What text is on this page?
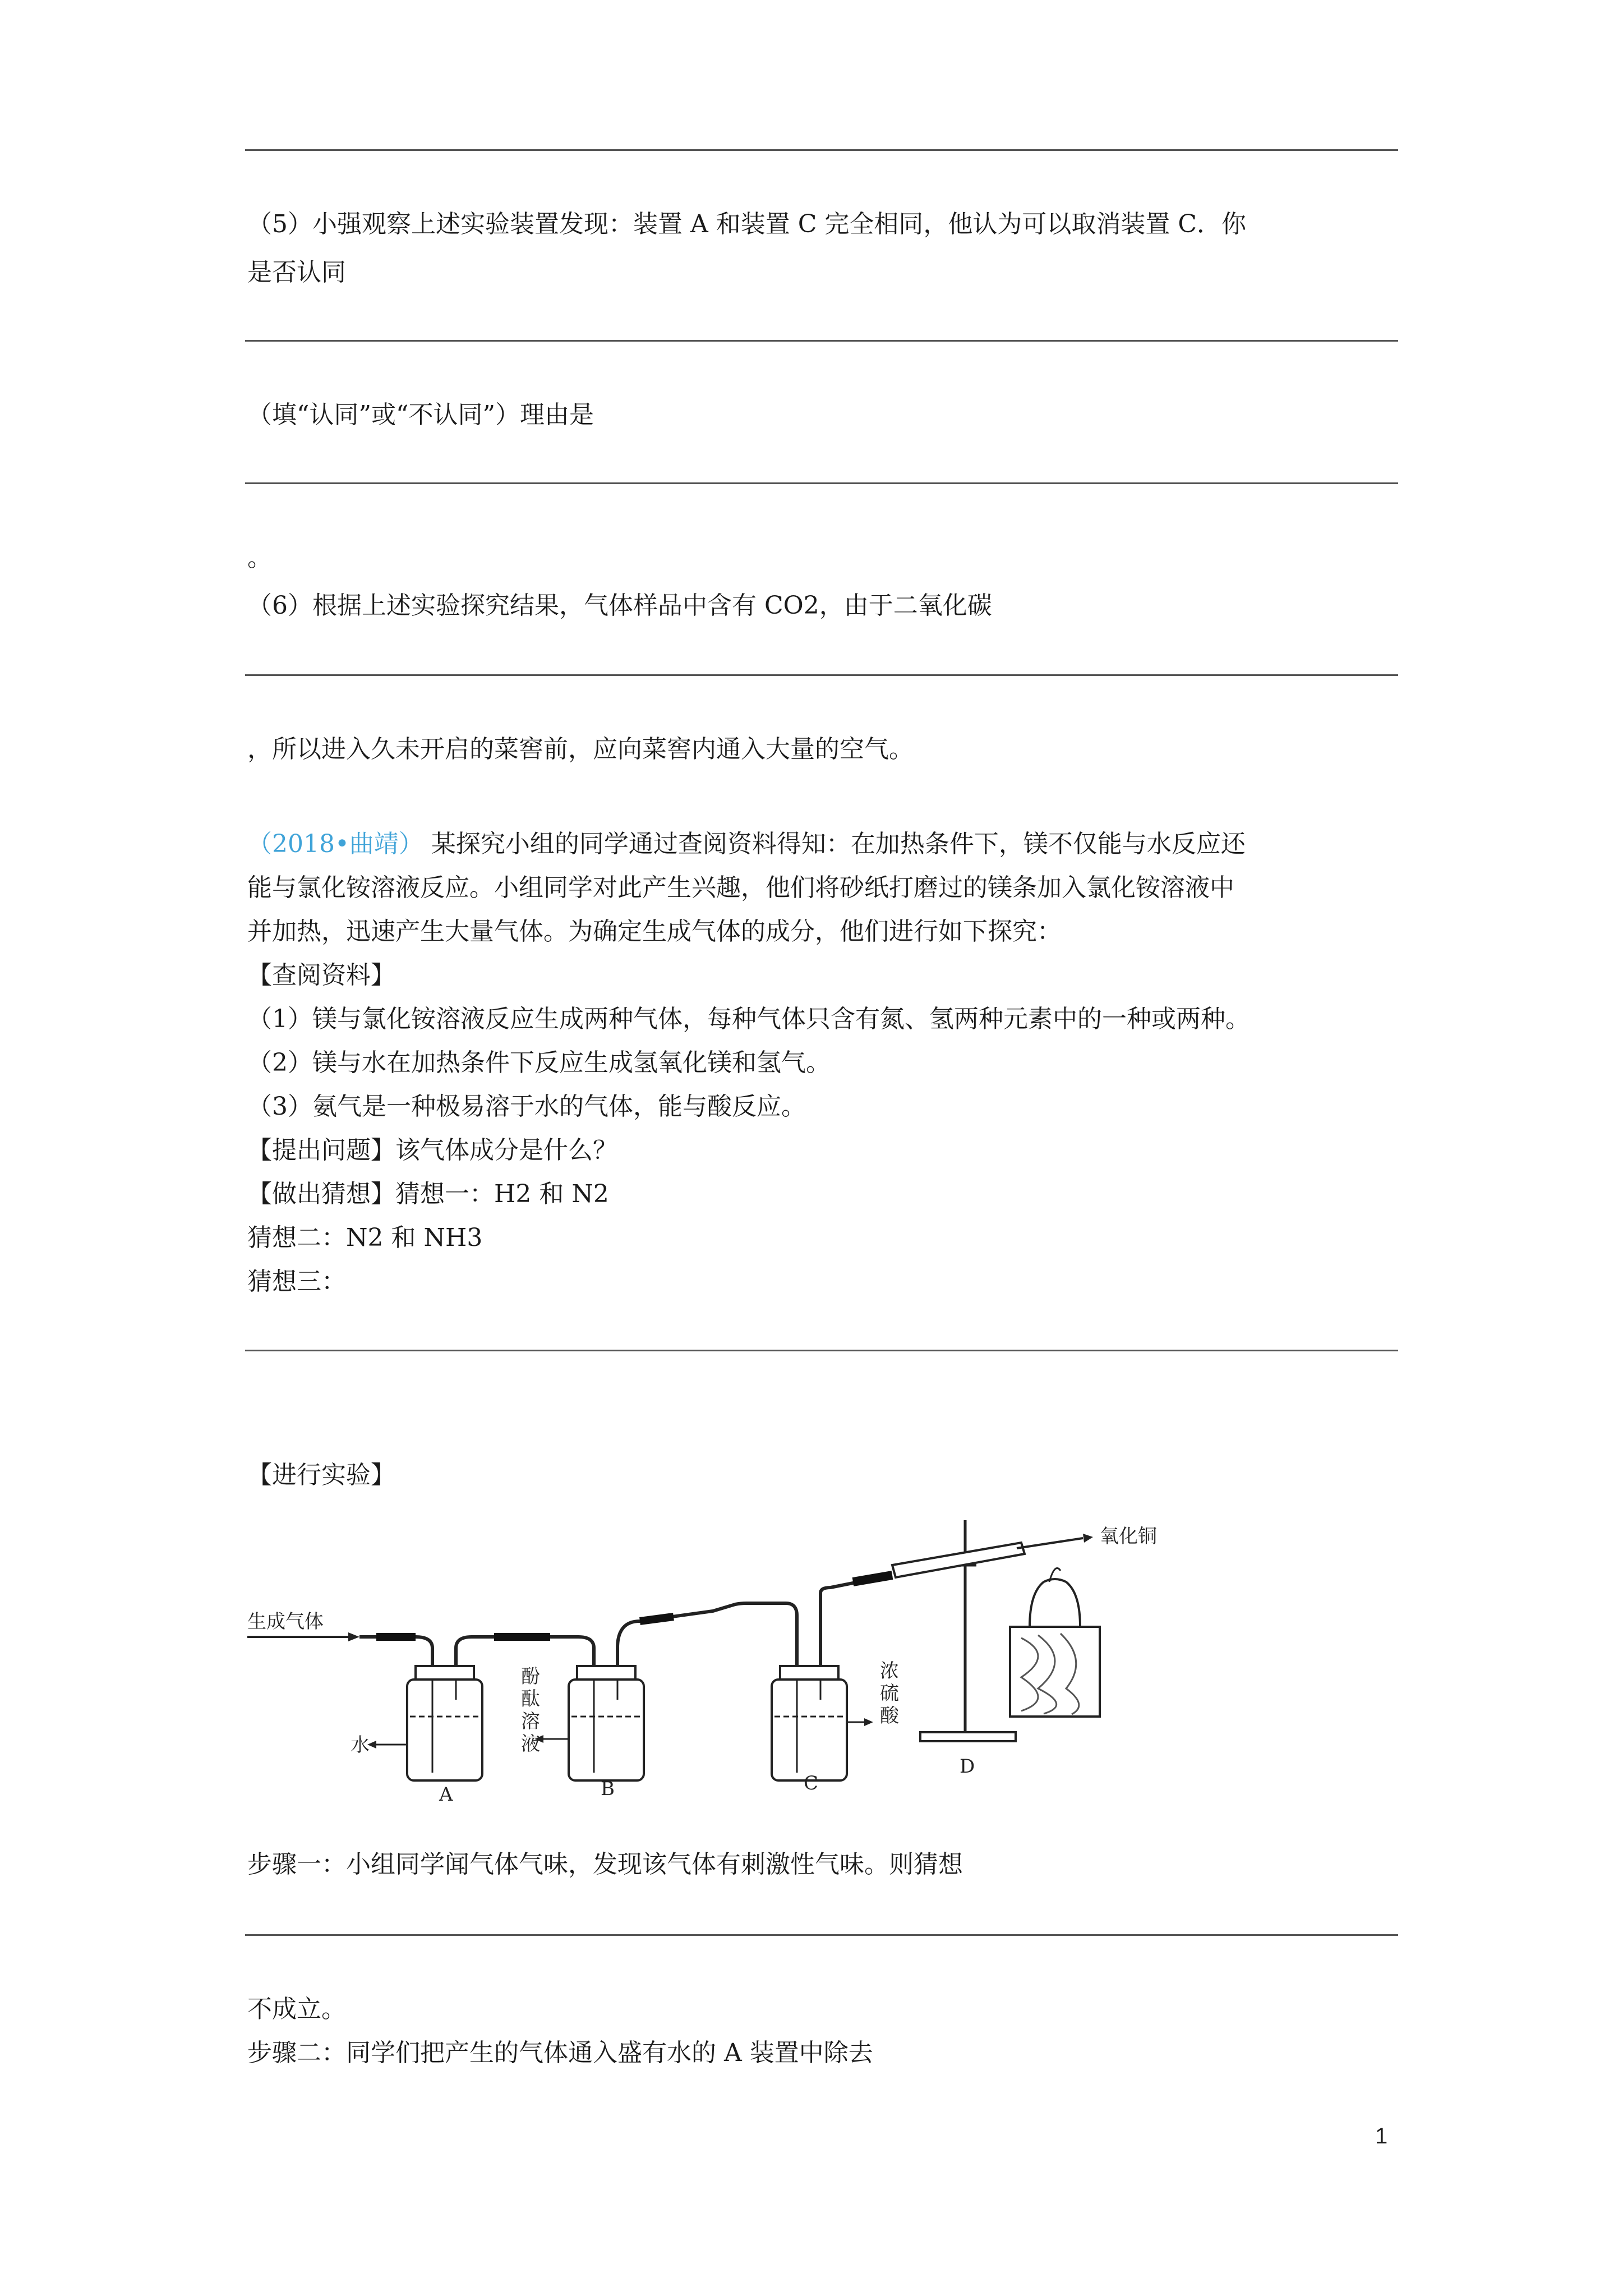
（5）小强观察上述实验装置发现：装置 A 和装置 C 完全相同，他认为可以取消装置 C．你
是否认同
（填“认同”或“不认同”）理由是
。
（6）根据上述实验探究结果，气体样品中含有 CO2，由于二氧化碳
，所以进入久未开启的菜窖前，应向菜窖内通入大量的空气。
（2018•曲靖） 某探究小组的同学通过查阅资料得知：在加热条件下，镁不仅能与水反应还
能与氯化铵溶液反应。小组同学对此产生兴趣，他们将砂纸打磨过的镁条加入氯化铵溶液中
并加热，迅速产生大量气体。为确定生成气体的成分，他们进行如下探究：
【查阅资料】
（1）镁与氯化铵溶液反应生成两种气体，每种气体只含有氮、氢两种元素中的一种或两种。
（2）镁与水在加热条件下反应生成氢氧化镁和氢气。
（3）氨气是一种极易溶于水的气体，能与酸反应。
【提出问题】该气体成分是什么？
【做出猜想】猜想一：H2 和 N2
猜想二：N2 和 NH3
猜想三：
【进行实验】
生成气体
水
酚
酞
溶
液
浓
硫
酸
氧化铜
A	B	C
D
步骤一：小组同学闻气体气味，发现该气体有刺激性气味。则猜想
不成立。
步骤二：同学们把产生的气体通入盛有水的 A 装置中除去
1
